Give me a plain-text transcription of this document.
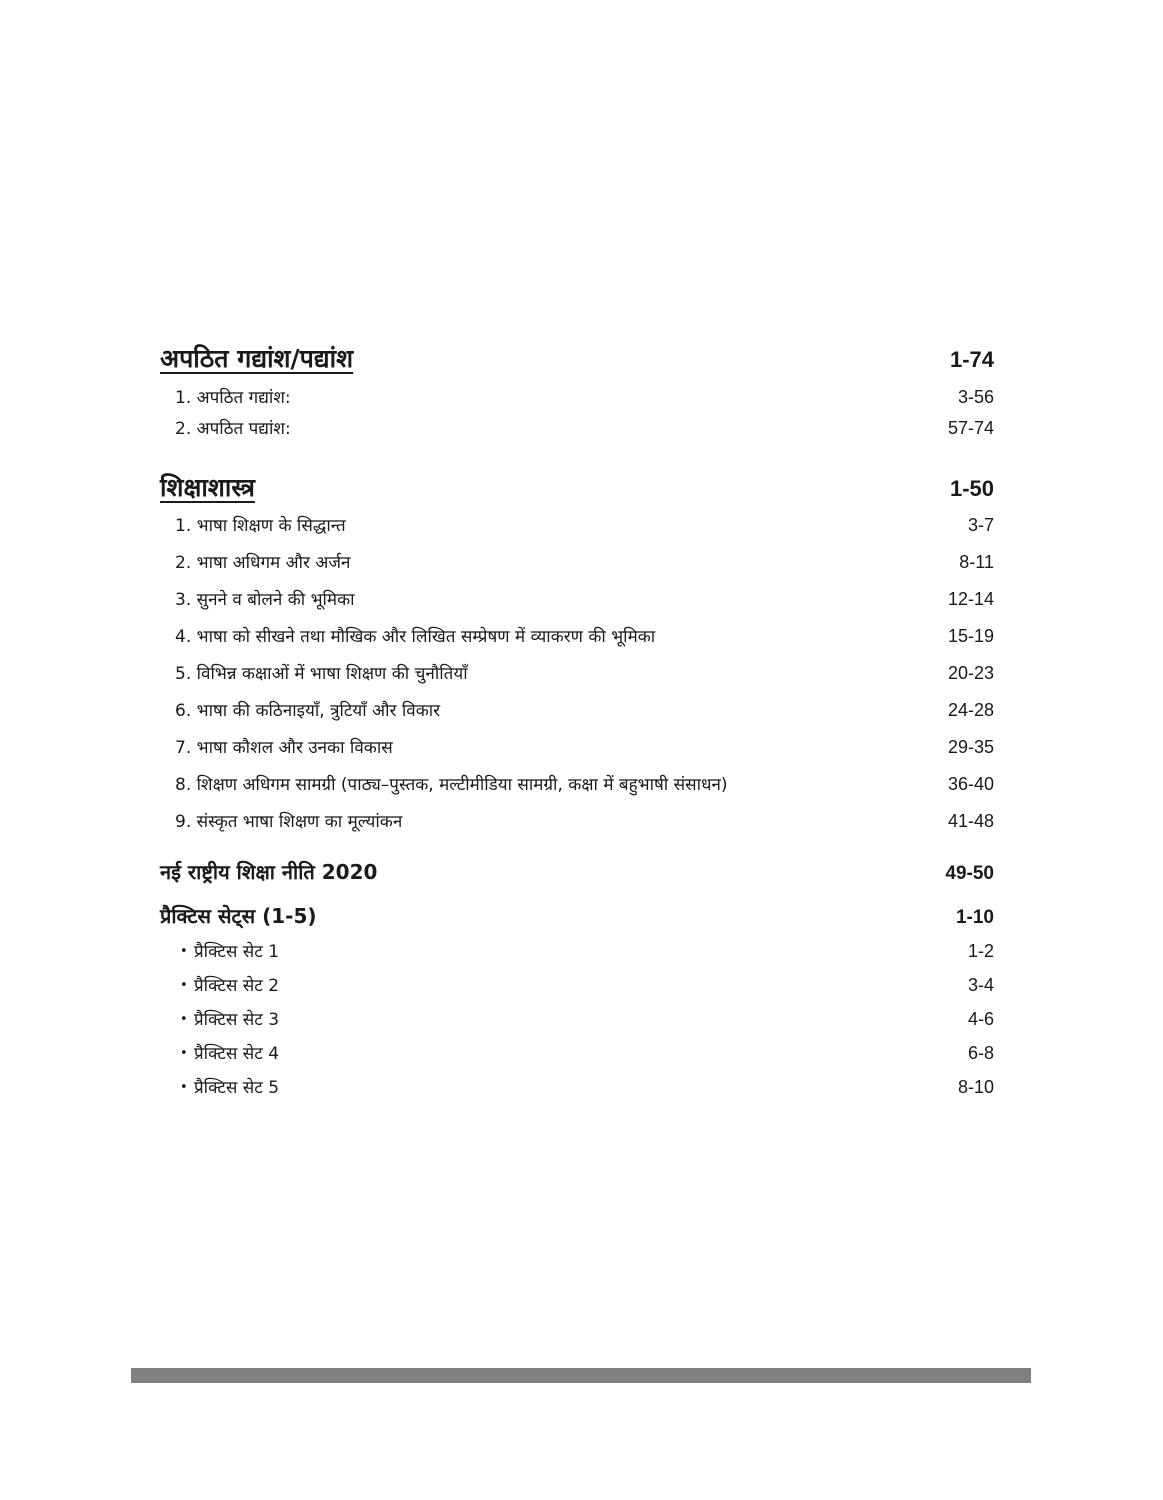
अपठित गद्यांश/पद्यांश	1-74
1. अपठित गद्यांश:	3-56
2. अपठित पद्यांश:	57-74
शिक्षाशास्त्र	1-50
1. भाषा शिक्षण के सिद्धान्त	3-7
2. भाषा अधिगम और अर्जन	8-11
3. सुनने व बोलने की भूमिका	12-14
4. भाषा को सीखने तथा मौखिक और लिखित सम्प्रेषण में व्याकरण की भूमिका	15-19
5. विभिन्न कक्षाओं में भाषा शिक्षण की चुनौतियाँ	20-23
6. भाषा की कठिनाइयाँ, त्रुटियाँ और विकार	24-28
7. भाषा कौशल और उनका विकास	29-35
8. शिक्षण अधिगम सामग्री (पाठ्य–पुस्तक, मल्टीमीडिया सामग्री, कक्षा में बहुभाषी संसाधन)	36-40
9. संस्कृत भाषा शिक्षण का मूल्यांकन	41-48
नई राष्ट्रीय शिक्षा नीति 2020	49-50
प्रैक्टिस सेट्स (1-5)	1-10
• प्रैक्टिस सेट 1	1-2
• प्रैक्टिस सेट 2	3-4
• प्रैक्टिस सेट 3	4-6
• प्रैक्टिस सेट 4	6-8
• प्रैक्टिस सेट 5	8-10
